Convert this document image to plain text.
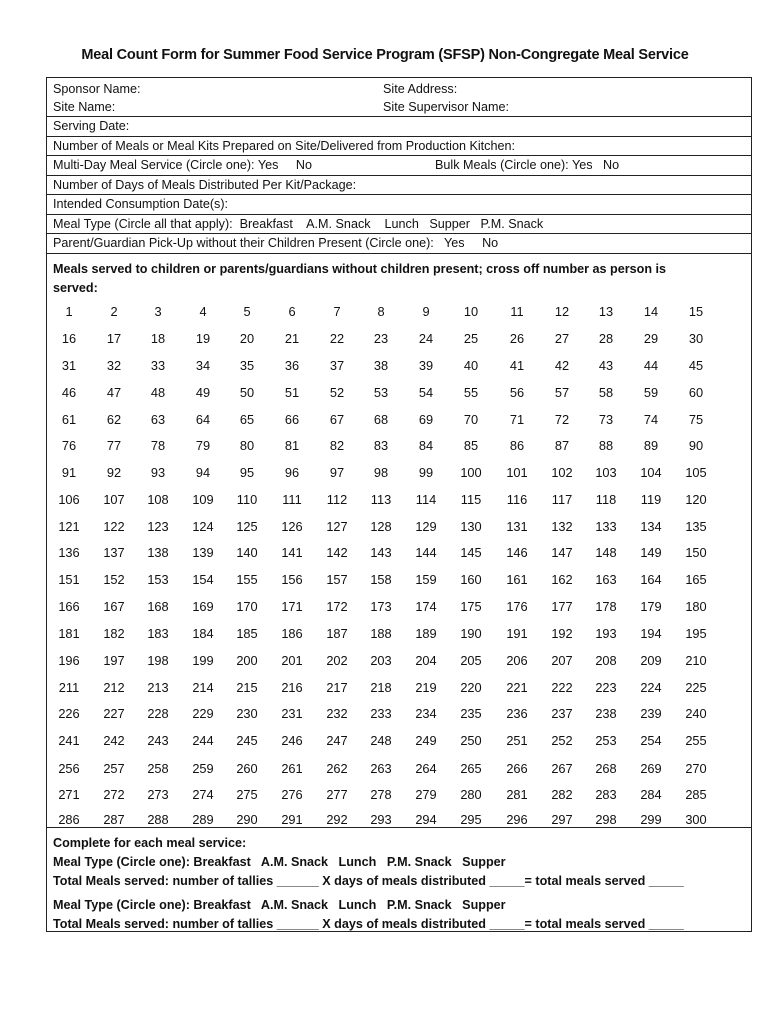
Meal Count Form for Summer Food Service Program (SFSP) Non-Congregate Meal Service
Sponsor Name:	Site Address:
Site Name:	Site Supervisor Name:
Serving Date:
Number of Meals or Meal Kits Prepared on Site/Delivered from Production Kitchen:
Multi-Day Meal Service (Circle one): Yes     No	Bulk Meals (Circle one): Yes   No
Number of Days of Meals Distributed Per Kit/Package:
Intended Consumption Date(s):
Meal Type (Circle all that apply):  Breakfast    A.M. Snack    Lunch   Supper   P.M. Snack
Parent/Guardian Pick-Up without their Children Present (Circle one):   Yes     No
Meals served to children or parents/guardians without children present; cross off number as person is
served:
1	2	3	4	5	6	7	8	9	10	11	12	13	14	15
16	17	18	19	20	21	22	23	24	25	26	27	28	29	30
31	32	33	34	35	36	37	38	39	40	41	42	43	44	45
46	47	48	49	50	51	52	53	54	55	56	57	58	59	60
61	62	63	64	65	66	67	68	69	70	71	72	73	74	75
76	77	78	79	80	81	82	83	84	85	86	87	88	89	90
91	92	93	94	95	96	97	98	99	100	101	102	103	104	105
106	107	108	109	110	111	112	113	114	115	116	117	118	119	120
121	122	123	124	125	126	127	128	129	130	131	132	133	134	135
136	137	138	139	140	141	142	143	144	145	146	147	148	149	150
151	152	153	154	155	156	157	158	159	160	161	162	163	164	165
166	167	168	169	170	171	172	173	174	175	176	177	178	179	180
181	182	183	184	185	186	187	188	189	190	191	192	193	194	195
196	197	198	199	200	201	202	203	204	205	206	207	208	209	210
211	212	213	214	215	216	217	218	219	220	221	222	223	224	225
226	227	228	229	230	231	232	233	234	235	236	237	238	239	240
241	242	243	244	245	246	247	248	249	250	251	252	253	254	255
256	257	258	259	260	261	262	263	264	265	266	267	268	269	270
271	272	273	274	275	276	277	278	279	280	281	282	283	284	285
286	287	288	289	290	291	292	293	294	295	296	297	298	299	300
Complete for each meal service:
Meal Type (Circle one): Breakfast   A.M. Snack   Lunch   P.M. Snack   Supper
Total Meals served: number of tallies ______ X days of meals distributed _____= total meals served _____
Meal Type (Circle one): Breakfast   A.M. Snack   Lunch   P.M. Snack   Supper
Total Meals served: number of tallies ______ X days of meals distributed _____= total meals served _____
